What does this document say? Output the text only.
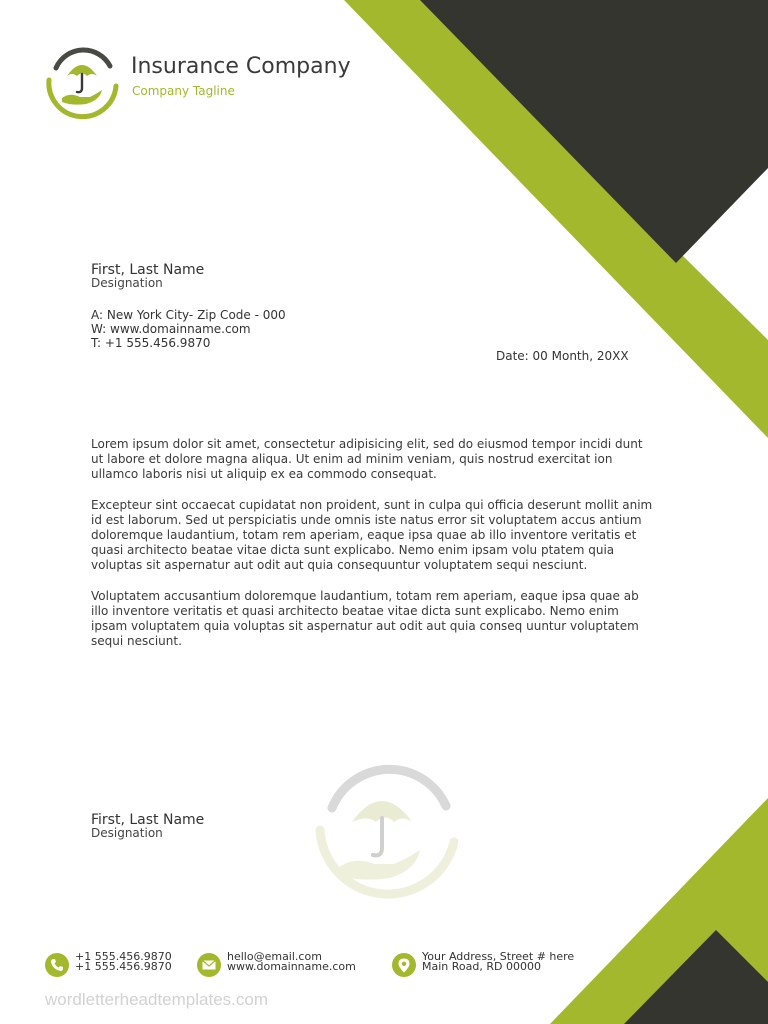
Insurance Company
Company Tagline
First, Last Name
Designation
A: New York City- Zip Code - 000
W: www.domainname.com
T: +1 555.456.9870
Date: 00 Month, 20XX

Lorem ipsum dolor sit amet, consectetur adipisicing elit, sed do eiusmod tempor incidi dunt ut labore et dolore magna aliqua. Ut enim ad minim veniam, quis nostrud exercitat ion ullamco laboris nisi ut aliquip ex ea commodo consequat.

Excepteur sint occaecat cupidatat non proident, sunt in culpa qui officia deserunt mollit anim id est laborum. Sed ut perspiciatis unde omnis iste natus error sit voluptatem accus antium doloremque laudantium, totam rem aperiam, eaque ipsa quae ab illo inventore veritatis et quasi architecto beatae vitae dicta sunt explicabo. Nemo enim ipsam volu ptatem quia voluptas sit aspernatur aut odit aut quia consequuntur voluptatem sequi nesciunt.

Voluptatem accusantium doloremque laudantium, totam rem aperiam, eaque ipsa quae ab illo inventore veritatis et quasi architecto beatae vitae dicta sunt explicabo. Nemo enim ipsam voluptatem quia voluptas sit aspernatur aut odit aut quia conseq uuntur voluptatem sequi nesciunt.

First, Last Name
Designation
+1 555.456.9870
+1 555.456.9870
hello@email.com
www.domainname.com
Your Address, Street # here
Main Road, RD 00000
wordletterheadtemplates.com
